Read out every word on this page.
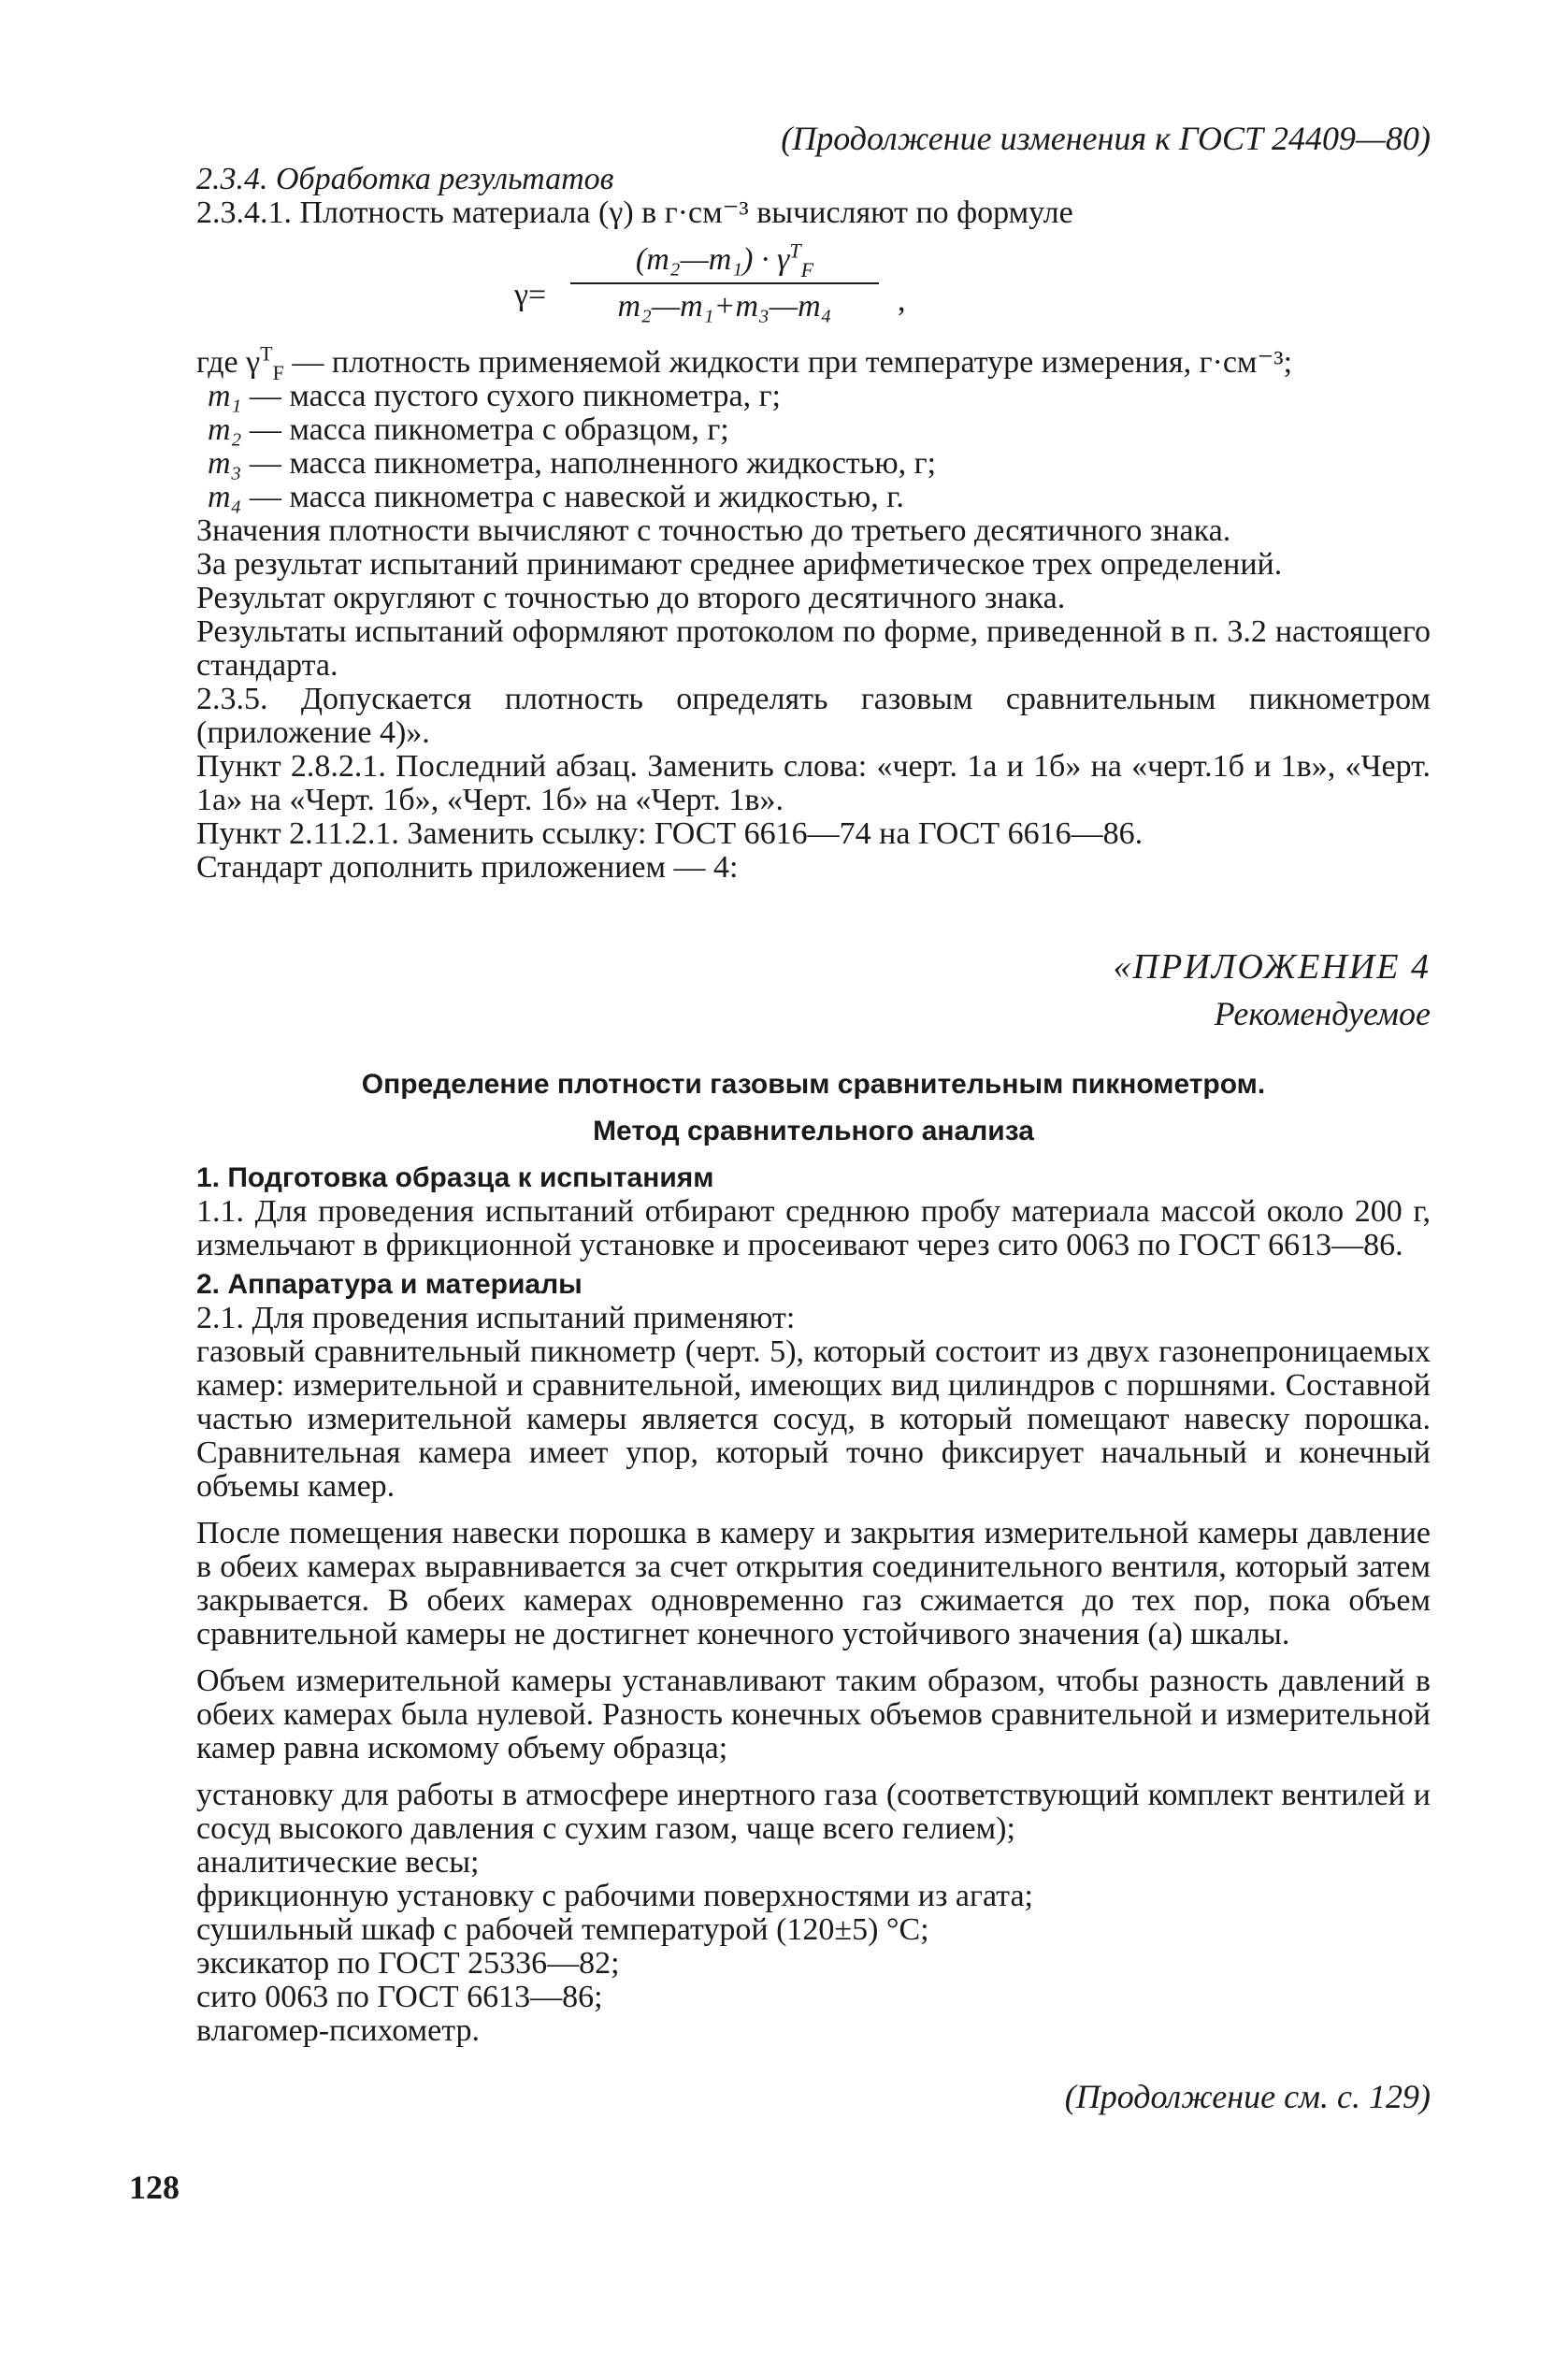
(Продолжение изменения к ГОСТ 24409—80)

2.3.4. Обработка результатов

2.3.4.1. Плотность материала (γ) в г·см⁻³ вычисляют по формуле

γ=
(m₂—m₁) · $\gamma^T_F$
m₂—m₁+m₃—m₄	,

где $\gamma^T_F$ — плотность применяемой жидкости при температуре измерения, г·см⁻³;

m₁ — масса пустого сухого пикнометра, г;

m₂ — масса пикнометра с образцом, г;

m₃ — масса пикнометра, наполненного жидкостью, г;

m₄ — масса пикнометра с навеской и жидкостью, г.

Значения плотности вычисляют с точностью до третьего десятичного знака.

За результат испытаний принимают среднее арифметическое трех определений.

Результат округляют с точностью до второго десятичного знака.

Результаты испытаний оформляют протоколом по форме, приведенной в п. 3.2 настоящего стандарта.

2.3.5. Допускается плотность определять газовым сравнительным пикнометром (приложение 4)».

Пункт 2.8.2.1. Последний абзац. Заменить слова: «черт. 1а и 1б» на «черт.1б и 1в», «Черт. 1а» на «Черт. 1б», «Черт. 1б» на «Черт. 1в».

Пункт 2.11.2.1. Заменить ссылку: ГОСТ 6616—74 на ГОСТ 6616—86.

Стандарт дополнить приложением — 4:

«ПРИЛОЖЕНИЕ 4
Рекомендуемое
Определение плотности газовым сравнительным пикнометром.
Метод сравнительного анализа
1. Подготовка образца к испытаниям

1.1. Для проведения испытаний отбирают среднюю пробу материала массой около 200 г, измельчают в фрикционной установке и просеивают через сито 0063 по ГОСТ 6613—86.

2. Аппаратура и материалы

2.1. Для проведения испытаний применяют:

газовый сравнительный пикнометр (черт. 5), который состоит из двух газонепроницаемых камер: измерительной и сравнительной, имеющих вид цилиндров с поршнями. Составной частью измерительной камеры является сосуд, в который помещают навеску порошка. Сравнительная камера имеет упор, который точно фиксирует начальный и конечный объемы камер.

После помещения навески порошка в камеру и закрытия измерительной камеры давление в обеих камерах выравнивается за счет открытия соединительного вентиля, который затем закрывается. В обеих камерах одновременно газ сжимается до тех пор, пока объем сравнительной камеры не достигнет конечного устойчивого значения (a) шкалы.

Объем измерительной камеры устанавливают таким образом, чтобы разность давлений в обеих камерах была нулевой. Разность конечных объемов сравнительной и измерительной камер равна искомому объему образца;

установку для работы в атмосфере инертного газа (соответствующий комплект вентилей и сосуд высокого давления с сухим газом, чаще всего гелием);

аналитические весы;

фрикционную установку с рабочими поверхностями из агата;

сушильный шкаф с рабочей температурой (120±5) °C;

эксикатор по ГОСТ 25336—82;

сито 0063 по ГОСТ 6613—86;

влагомер-психометр.

(Продолжение см. с. 129)
128
